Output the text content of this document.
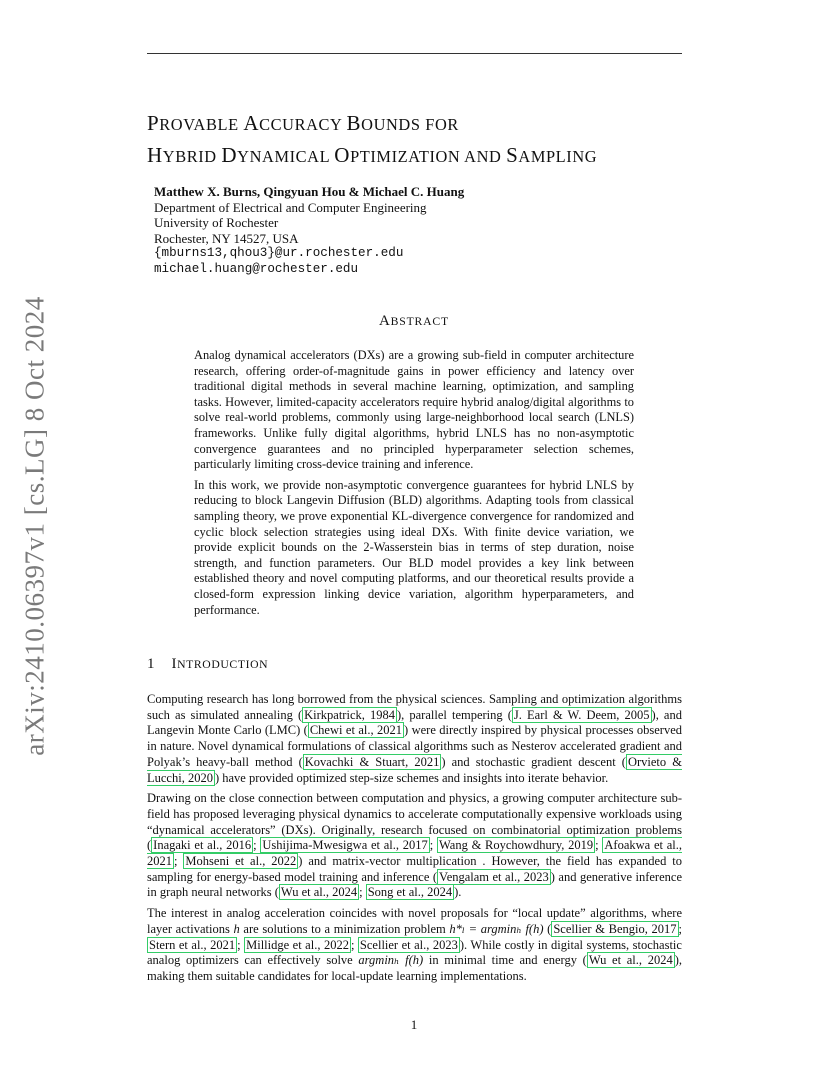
PROVABLE ACCURACY BOUNDS FOR
HYBRID DYNAMICAL OPTIMIZATION AND SAMPLING
Matthew X. Burns, Qingyuan Hou & Michael C. Huang
Department of Electrical and Computer Engineering
University of Rochester
Rochester, NY 14527, USA
{mburns13,qhou3}@ur.rochester.edu
michael.huang@rochester.edu
arXiv:2410.06397v1 [cs.LG] 8 Oct 2024	ABSTRACT

Analog dynamical accelerators (DXs) are a growing sub-field in computer architecture research, offering order-of-magnitude gains in power efficiency and latency over traditional digital methods in several machine learning, optimization, and sampling tasks. However, limited-capacity accelerators require hybrid analog/digital algorithms to solve real-world problems, commonly using large-neighborhood local search (LNLS) frameworks. Unlike fully digital algorithms, hybrid LNLS has no non-asymptotic convergence guarantees and no principled hyperparameter selection schemes, particularly limiting cross-device training and inference.

In this work, we provide non-asymptotic convergence guarantees for hybrid LNLS by reducing to block Langevin Diffusion (BLD) algorithms. Adapting tools from classical sampling theory, we prove exponential KL-divergence convergence for randomized and cyclic block selection strategies using ideal DXs. With finite device variation, we provide explicit bounds on the 2-Wasserstein bias in terms of step duration, noise strength, and function parameters. Our BLD model provides a key link between established theory and novel computing platforms, and our theoretical results provide a closed-form expression linking device variation, algorithm hyperparameters, and performance.

1 INTRODUCTION

Computing research has long borrowed from the physical sciences. Sampling and optimization algorithms such as simulated annealing ( Kirkpatrick, 1984 ), parallel tempering ( J. Earl & W. Deem, 2005 ), and Langevin Monte Carlo (LMC) ( Chewi et al., 2021 ) were directly inspired by physical processes observed in nature. Novel dynamical formulations of classical algorithms such as Nesterov accelerated gradient and Polyak’s heavy-ball method ( Kovachki & Stuart, 2021 ) and stochastic gradient descent ( Orvieto & Lucchi, 2020 ) have provided optimized step-size schemes and insights into iterate behavior.

Drawing on the close connection between computation and physics, a growing computer architecture sub-field has proposed leveraging physical dynamics to accelerate computationally expensive workloads using “dynamical accelerators” (DXs). Originally, research focused on combinatorial optimization problems ( Inagaki et al., 2016 ; Ushijima-Mwesigwa et al., 2017 ; Wang & Roychowdhury, 2019 ; Afoakwa et al., 2021 ; Mohseni et al., 2022 ) and matrix-vector multiplication . However, the field has expanded to sampling for energy-based model training and inference ( Vengalam et al., 2023 ) and generative inference in graph neural networks ( Wu et al., 2024 ; Song et al., 2024 ).

The interest in analog acceleration coincides with novel proposals for “local update” algorithms, where layer activations h are solutions to a minimization problem h*ₗ = argminₕ f(h) ( Scellier & Bengio, 2017 ; Stern et al., 2021 ; Millidge et al., 2022 ; Scellier et al., 2023 ). While costly in digital systems, stochastic analog optimizers can effectively solve argminₕ f(h) in minimal time and energy ( Wu et al., 2024 ), making them suitable candidates for local-update learning implementations.

1
